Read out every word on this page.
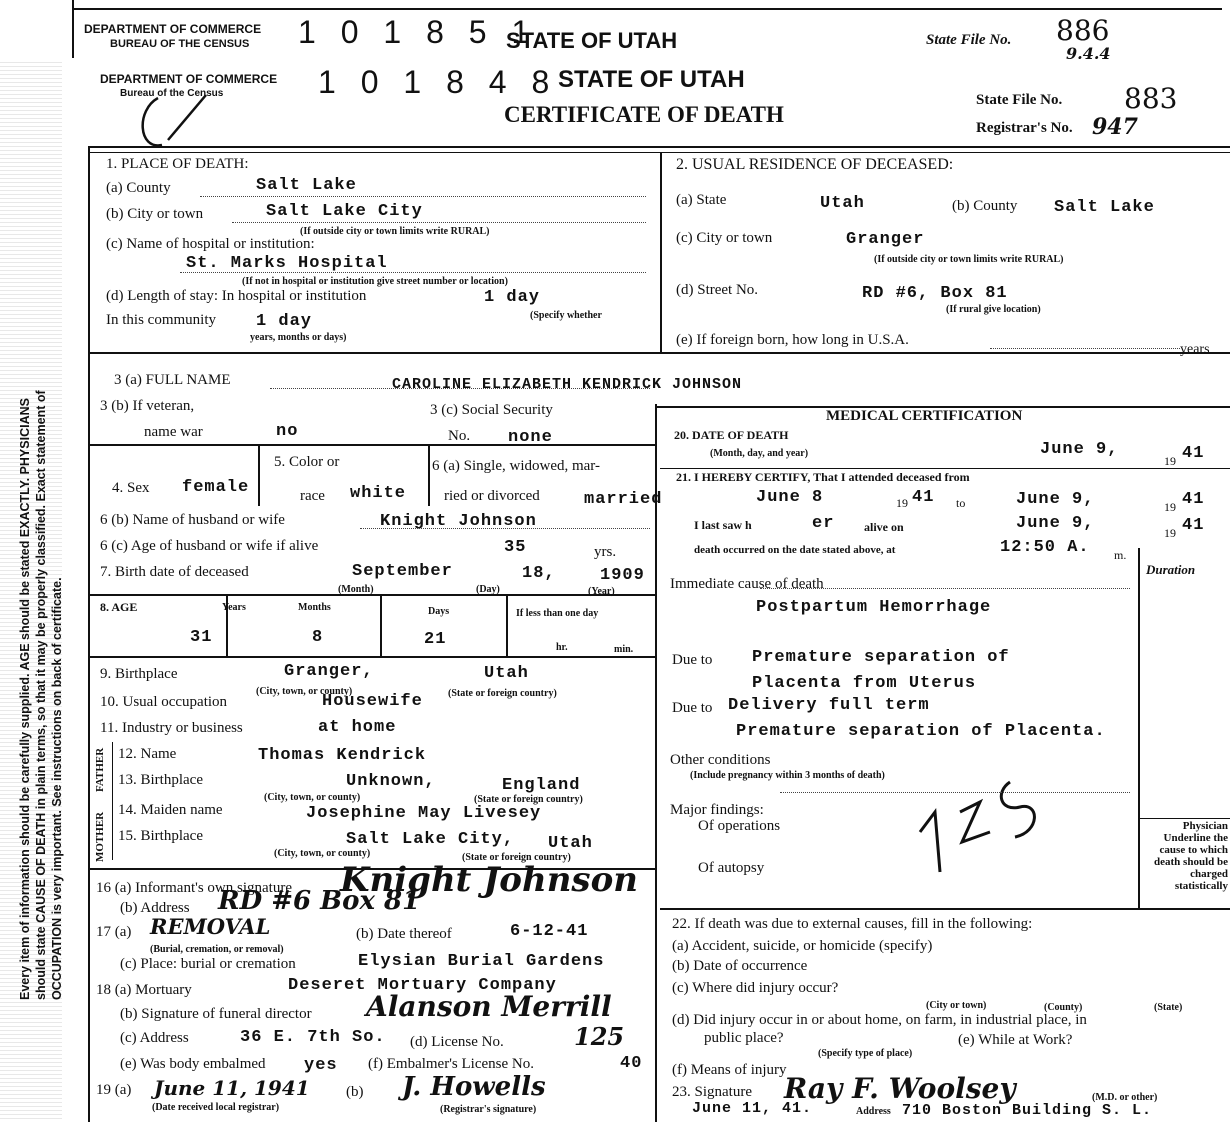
DEPARTMENT OF COMMERCE
BUREAU OF THE CENSUS 1 0 1 8 5 1
STATE OF UTAH	State File No. 886
9.4.4
Every item of information should be carefully supplied. AGE should be stated EXACTLY. PHYSICIANS should state CAUSE OF DEATH in plain terms, so that it may be properly classified. Exact statement of OCCUPATION is very important. See instructions on back of certificate.
DEPARTMENT OF COMMERCE
Bureau of the Census	1 0 1 8 4 8 STATE OF UTAH
CERTIFICATE OF DEATH
State File No. 883
Registrar's No. 947
1. PLACE OF DEATH:
(a) County	Salt Lake
(b) City or town	Salt Lake City
(If outside city or town limits write RURAL)
(c) Name of hospital or institution:
St. Marks Hospital
(If not in hospital or institution give street number or location)
(d) Length of stay: In hospital or institution	1 day
In this community 1 day	(Specify whether
years, months or days)
2. USUAL RESIDENCE OF DECEASED:
(a) State	Utah	(b) County Salt Lake
(c) City or town	Granger
(If outside city or town limits write RURAL)
(d) Street No.	RD #6, Box 81
(If rural give location)
(e) If foreign born, how long in U.S.A.
years
3 (a) FULL NAME	CAROLINE ELIZABETH KENDRICK JOHNSON
3 (b) If veteran,
name war	no
3 (c) Social Security
No. none
4. Sex female
5. Color or
race white
6 (a) Single, widowed, mar-
ried or divorced	married
6 (b) Name of husband or wife	Knight Johnson
6 (c) Age of husband or wife if alive	35	yrs.
7. Birth date of deceased	September	18,	1909
(Month)	(Day)	(Year)
8. AGE	Years	Months	Days	If less than one day
31	8	21	hr.	min.
9. Birthplace	Granger,	Utah
(City, town, or county)	(State or foreign country)
10. Usual occupation	Housewife
11. Industry or business	at home
FATHER
MOTHER
12. Name	Thomas Kendrick
13. Birthplace	Unknown,	England
(City, town, or county)	(State or foreign country)
14. Maiden name	Josephine May Livesey
15. Birthplace	Salt Lake City, Utah
(City, town, or county)	(State or foreign country)
16 (a) Informant's own signature Knight Johnson
(b) Address RD #6 Box 81
17 (a) REMOVAL
(Burial, cremation, or removal)
(b) Date thereof	6-12-41
(c) Place: burial or cremation	Elysian Burial Gardens
18 (a) Mortuary	Deseret Mortuary Company
(b) Signature of funeral director Alanson Merrill
(c) Address	36 E. 7th So. (d) License No.	125
(e) Was body embalmed yes (f) Embalmer's License No.	40
19 (a) June 11, 1941
(Date received local registrar)
(b) J. Howells
(Registrar's signature)
MEDICAL CERTIFICATION
20. DATE OF DEATH
(Month, day, and year)	June 9,
19 41
21. I HEREBY CERTIFY, That I attended deceased from
June 8	19 41 to	June 9,	19 41
I last saw h	er alive on	June 9,	19 41
death occurred on the date stated above, at	12:50 A. m.
Duration
Immediate cause of death
Postpartum Hemorrhage
Due to Premature separation of
Placenta from Uterus
Due to Delivery full term
Premature separation of Placenta.
Other conditions
(Include pregnancy within 3 months of death)
Major findings:
Of operations
Of autopsy
Physician Underline the cause to which death should be charged statistically
22. If death was due to external causes, fill in the following:
(a) Accident, suicide, or homicide (specify)
(b) Date of occurrence
(c) Where did injury occur?
(City or town)	(County)	(State)
(d) Did injury occur in or about home, on farm, in industrial place, in
public place?
(Specify type of place)
(e) While at Work?
(f) Means of injury
23. Signature Ray F. Woolsey	(M.D. or other)
June 11, 41.	Address 710 Boston Building S. L.
